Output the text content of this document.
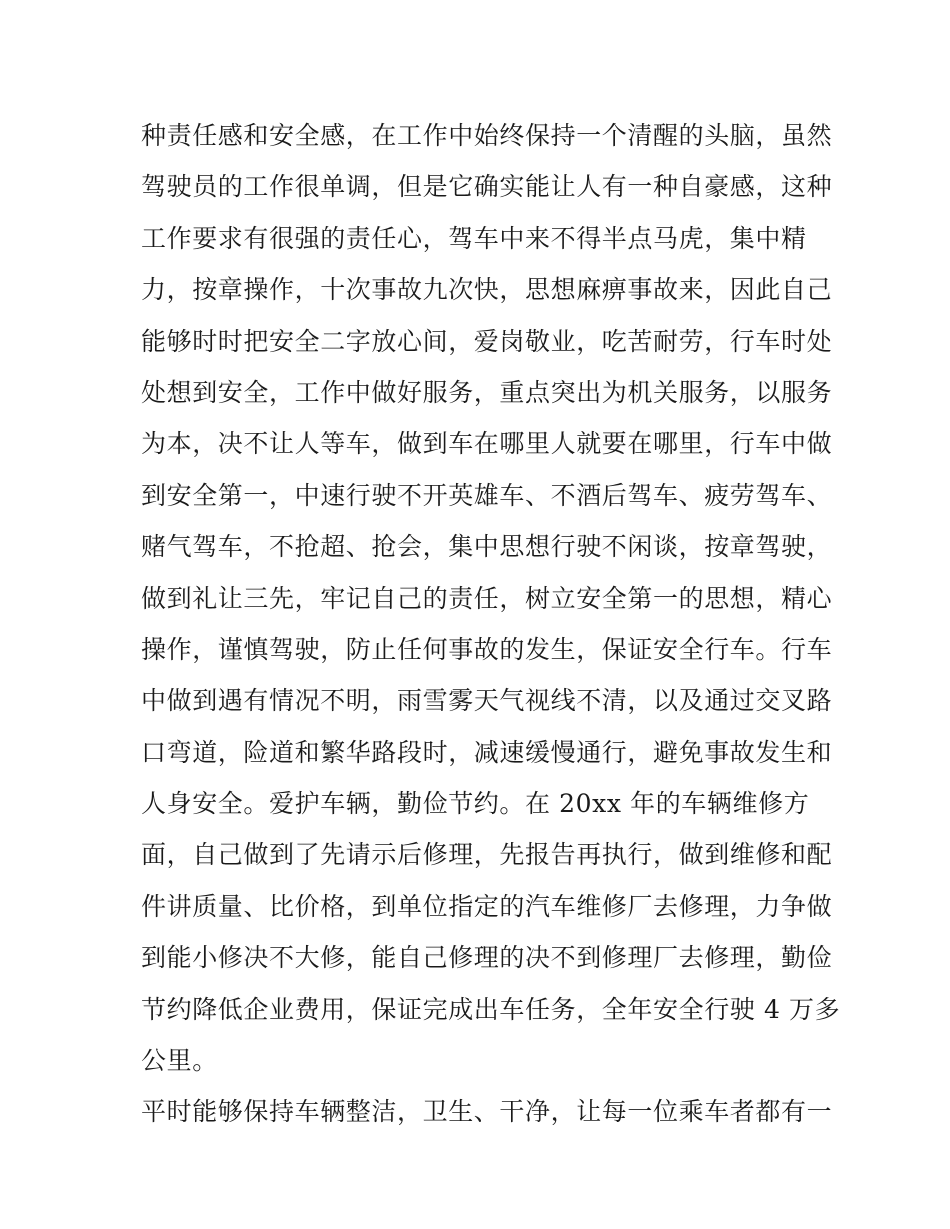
种责任感和安全感，在工作中始终保持一个清醒的头脑，虽然
驾驶员的工作很单调，但是它确实能让人有一种自豪感，这种
工作要求有很强的责任心，驾车中来不得半点马虎，集中精
力，按章操作，十次事故九次快，思想麻痹事故来，因此自己
能够时时把安全二字放心间，爱岗敬业，吃苦耐劳，行车时处
处想到安全，工作中做好服务，重点突出为机关服务，以服务
为本，决不让人等车，做到车在哪里人就要在哪里，行车中做
到安全第一，中速行驶不开英雄车、不酒后驾车、疲劳驾车、
赌气驾车，不抢超、抢会，集中思想行驶不闲谈，按章驾驶，
做到礼让三先，牢记自己的责任，树立安全第一的思想，精心
操作，谨慎驾驶，防止任何事故的发生，保证安全行车。行车
中做到遇有情况不明，雨雪雾天气视线不清，以及通过交叉路
口弯道，险道和繁华路段时，减速缓慢通行，避免事故发生和
人身安全。爱护车辆，勤俭节约。在 20xx 年的车辆维修方
面，自己做到了先请示后修理，先报告再执行，做到维修和配
件讲质量、比价格，到单位指定的汽车维修厂去修理，力争做
到能小修决不大修，能自己修理的决不到修理厂去修理，勤俭
节约降低企业费用，保证完成出车任务，全年安全行驶 4 万多
公里。
平时能够保持车辆整洁，卫生、干净，让每一位乘车者都有一
